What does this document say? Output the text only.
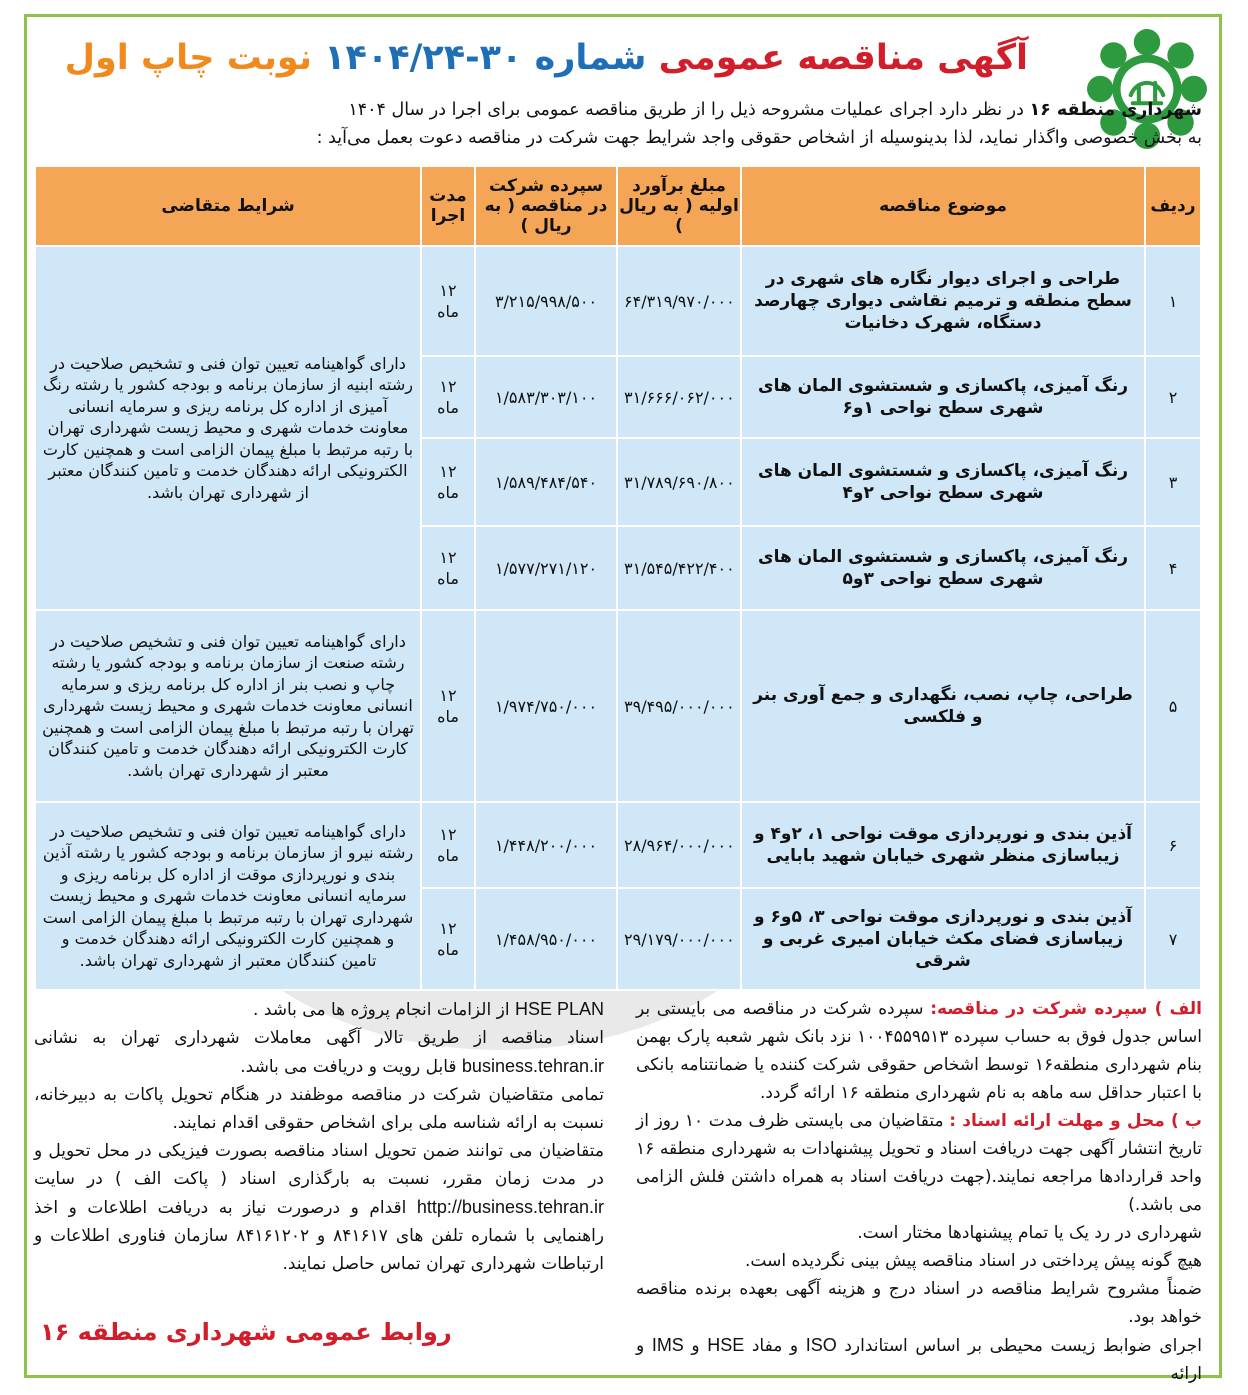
آگهی مناقصه عمومی شماره ۳۰-۱۴۰۴/۲۴ نوبت چاپ اول
شهرداری منطقه ۱۶ در نظر دارد اجرای عملیات مشروحه ذیل را از طریق مناقصه عمومی برای اجرا در سال ۱۴۰۴
به بخش خصوصی واگذار نماید، لذا بدینوسیله از اشخاص حقوقی واجد شرایط جهت شرکت در مناقصه دعوت بعمل می‌آید :
ردیف	موضوع مناقصه	مبلغ برآورد اولیه ( به ریال )	سپرده شرکت در مناقصه ( به ریال )	مدت اجرا	شرایط متقاضی
۱	طراحی و اجرای دیوار نگاره های شهری در سطح منطقه و ترمیم نقاشی دیواری چهارصد دستگاه، شهرک دخانیات	۶۴/۳۱۹/۹۷۰/۰۰۰	۳/۲۱۵/۹۹۸/۵۰۰	۱۲ ماه	دارای گواهینامه تعیین توان فنی و تشخیص صلاحیت در رشته ابنیه از سازمان برنامه و بودجه کشور یا رشته رنگ آمیزی از اداره کل برنامه ریزی و سرمایه انسانی معاونت خدمات شهری و محیط زیست شهرداری تهران با رتبه مرتبط با مبلغ پیمان الزامی است و همچنین کارت الکترونیکی ارائه دهندگان خدمت و تامین کنندگان معتبر از شهرداری تهران باشد.
۲	رنگ آمیزی، پاکسازی و شستشوی المان های شهری سطح نواحی ۱و۶	۳۱/۶۶۶/۰۶۲/۰۰۰	۱/۵۸۳/۳۰۳/۱۰۰	۱۲ ماه	
۳	رنگ آمیزی، پاکسازی و شستشوی المان های شهری سطح نواحی ۲و۴	۳۱/۷۸۹/۶۹۰/۸۰۰	۱/۵۸۹/۴۸۴/۵۴۰	۱۲ ماه	
۴	رنگ آمیزی، پاکسازی و شستشوی المان های شهری سطح نواحی ۳و۵	۳۱/۵۴۵/۴۲۲/۴۰۰	۱/۵۷۷/۲۷۱/۱۲۰	۱۲ ماه	
۵	طراحی، چاپ، نصب، نگهداری و جمع آوری بنر و فلکسی	۳۹/۴۹۵/۰۰۰/۰۰۰	۱/۹۷۴/۷۵۰/۰۰۰	۱۲ ماه	دارای گواهینامه تعیین توان فنی و تشخیص صلاحیت در رشته صنعت از سازمان برنامه و بودجه کشور یا رشته چاپ و نصب بنر از اداره کل برنامه ریزی و سرمایه انسانی معاونت خدمات شهری و محیط زیست شهرداری تهران با رتبه مرتبط با مبلغ پیمان الزامی است و همچنین کارت الکترونیکی ارائه دهندگان خدمت و تامین کنندگان معتبر از شهرداری تهران باشد.
۶	آذین بندی و نورپردازی موقت نواحی ۱، ۲و۴ و زیباسازی منظر شهری خیابان شهید بابایی	۲۸/۹۶۴/۰۰۰/۰۰۰	۱/۴۴۸/۲۰۰/۰۰۰	۱۲ ماه	دارای گواهینامه تعیین توان فنی و تشخیص صلاحیت در رشته نیرو از سازمان برنامه و بودجه کشور یا رشته آذین بندی و نورپردازی موقت از اداره کل برنامه ریزی و سرمایه انسانی معاونت خدمات شهری و محیط زیست شهرداری تهران با رتبه مرتبط با مبلغ پیمان الزامی است و همچنین کارت الکترونیکی ارائه دهندگان خدمت و تامین کنندگان معتبر از شهرداری تهران باشد.
۷	آذین بندی و نورپردازی موقت نواحی ۳، ۵و۶ و زیباسازی فضای مکث خیابان امیری غربی و شرقی	۲۹/۱۷۹/۰۰۰/۰۰۰	۱/۴۵۸/۹۵۰/۰۰۰	۱۲ ماه	
الف ) سپرده شرکت در مناقصه: سپرده شرکت در مناقصه می بایستی بر اساس جدول فوق به حساب سپرده ۱۰۰۴۵۵۹۵۱۳ نزد بانک شهر شعبه پارک بهمن بنام شهرداری منطقه۱۶ توسط اشخاص حقوقی شرکت کننده یا ضمانتنامه بانکی با اعتبار حداقل سه ماهه به نام شهرداری منطقه ۱۶ ارائه گردد.
ب ) محل و مهلت ارائه اسناد : متقاضیان می بایستی ظرف مدت ۱۰ روز از تاریخ انتشار آگهی جهت دریافت اسناد و تحویل پیشنهادات به شهرداری منطقه ۱۶ واحد قراردادها مراجعه نمایند.(جهت دریافت اسناد به همراه داشتن فلش الزامی می باشد.)
شهرداری در رد یک یا تمام پیشنهادها مختار است.
هیچ گونه پیش پرداختی در اسناد مناقصه پیش بینی نگردیده است.
ضمناً مشروح شرایط مناقصه در اسناد درج و هزینه آگهی بعهده برنده مناقصه خواهد بود.
اجرای ضوابط زیست محیطی بر اساس استاندارد ISO و مفاد HSE و IMS و ارائه
HSE PLAN از الزامات انجام پروژه ها می باشد .
اسناد مناقصه از طریق تالار آگهی معاملات شهرداری تهران به نشانی business.tehran.ir قابل رویت و دریافت می باشد.
تمامی متقاضیان شرکت در مناقصه موظفند در هنگام تحویل پاکات به دبیرخانه، نسبت به ارائه شناسه ملی برای اشخاص حقوقی اقدام نمایند.
متقاضیان می توانند ضمن تحویل اسناد مناقصه بصورت فیزیکی در محل تحویل و در مدت زمان مقرر، نسبت به بارگذاری اسناد ( پاکت الف ) در سایت http://business.tehran.ir اقدام و درصورت نیاز به دریافت اطلاعات و اخذ راهنمایی با شماره تلفن های ۸۴۱۶۱۷ و ۸۴۱۶۱۲۰۲ سازمان فناوری اطلاعات و ارتباطات شهرداری تهران تماس حاصل نمایند.
روابط عمومی شهرداری منطقه ۱۶
